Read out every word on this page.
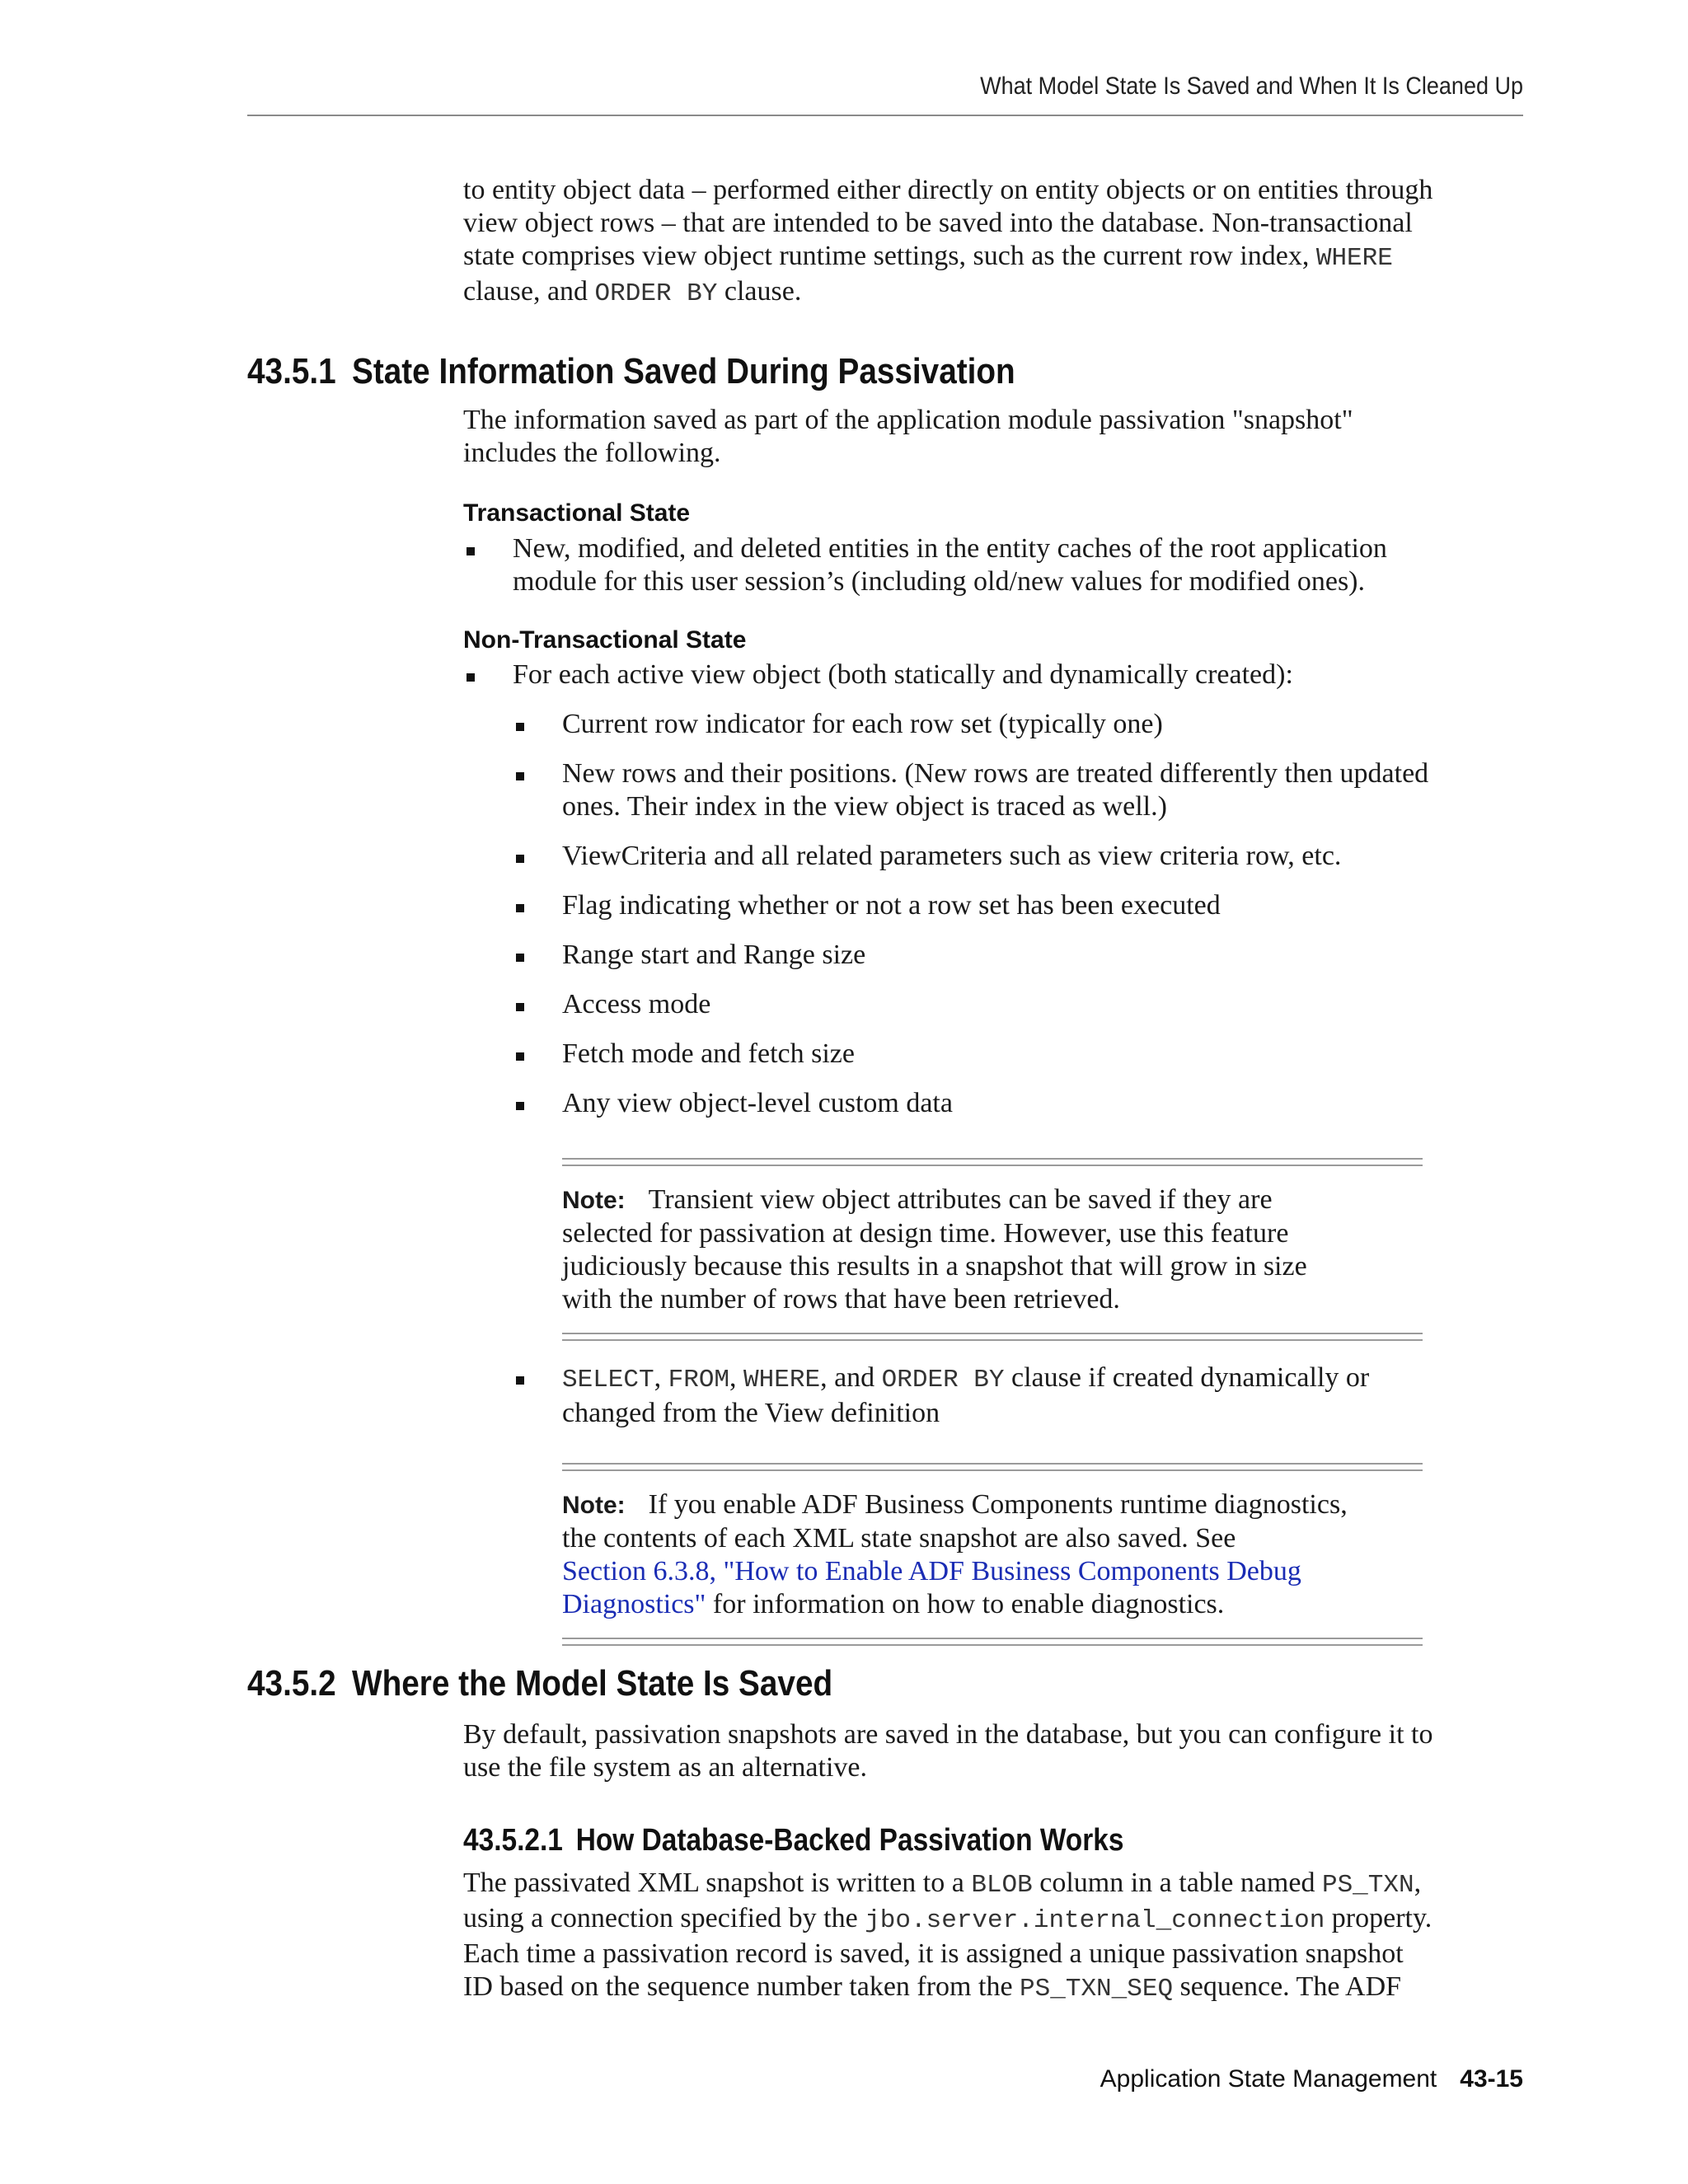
What Model State Is Saved and When It Is Cleaned Up

to entity object data – performed either directly on entity objects or on entities through

view object rows – that are intended to be saved into the database. Non-transactional

state comprises view object runtime settings, such as the current row index, WHERE

clause, and ORDER BY clause.

43.5.1 State Information Saved During Passivation

The information saved as part of the application module passivation "snapshot"

includes the following.

Transactional State
New, modified, and deleted entities in the entity caches of the root application
module for this user session’s (including old/new values for modified ones).
Non-Transactional State
For each active view object (both statically and dynamically created):
Current row indicator for each row set (typically one)
New rows and their positions. (New rows are treated differently then updated
ones. Their index in the view object is traced as well.)
ViewCriteria and all related parameters such as view criteria row, etc.
Flag indicating whether or not a row set has been executed
Range start and Range size
Access mode
Fetch mode and fetch size
Any view object-level custom data
Note: Transient view object attributes can be saved if they are
selected for passivation at design time. However, use this feature
judiciously because this results in a snapshot that will grow in size
with the number of rows that have been retrieved.
SELECT, FROM, WHERE, and ORDER BY clause if created dynamically or
changed from the View definition
Note: If you enable ADF Business Components runtime diagnostics,
the contents of each XML state snapshot are also saved. See
Section 6.3.8, "How to Enable ADF Business Components Debug
Diagnostics" for information on how to enable diagnostics.
43.5.2 Where the Model State Is Saved

By default, passivation snapshots are saved in the database, but you can configure it to

use the file system as an alternative.

43.5.2.1 How Database-Backed Passivation Works

The passivated XML snapshot is written to a BLOB column in a table named PS_TXN,

using a connection specified by the jbo.server.internal_connection property.

Each time a passivation record is saved, it is assigned a unique passivation snapshot

ID based on the sequence number taken from the PS_TXN_SEQ sequence. The ADF

Application State Management 43-15
